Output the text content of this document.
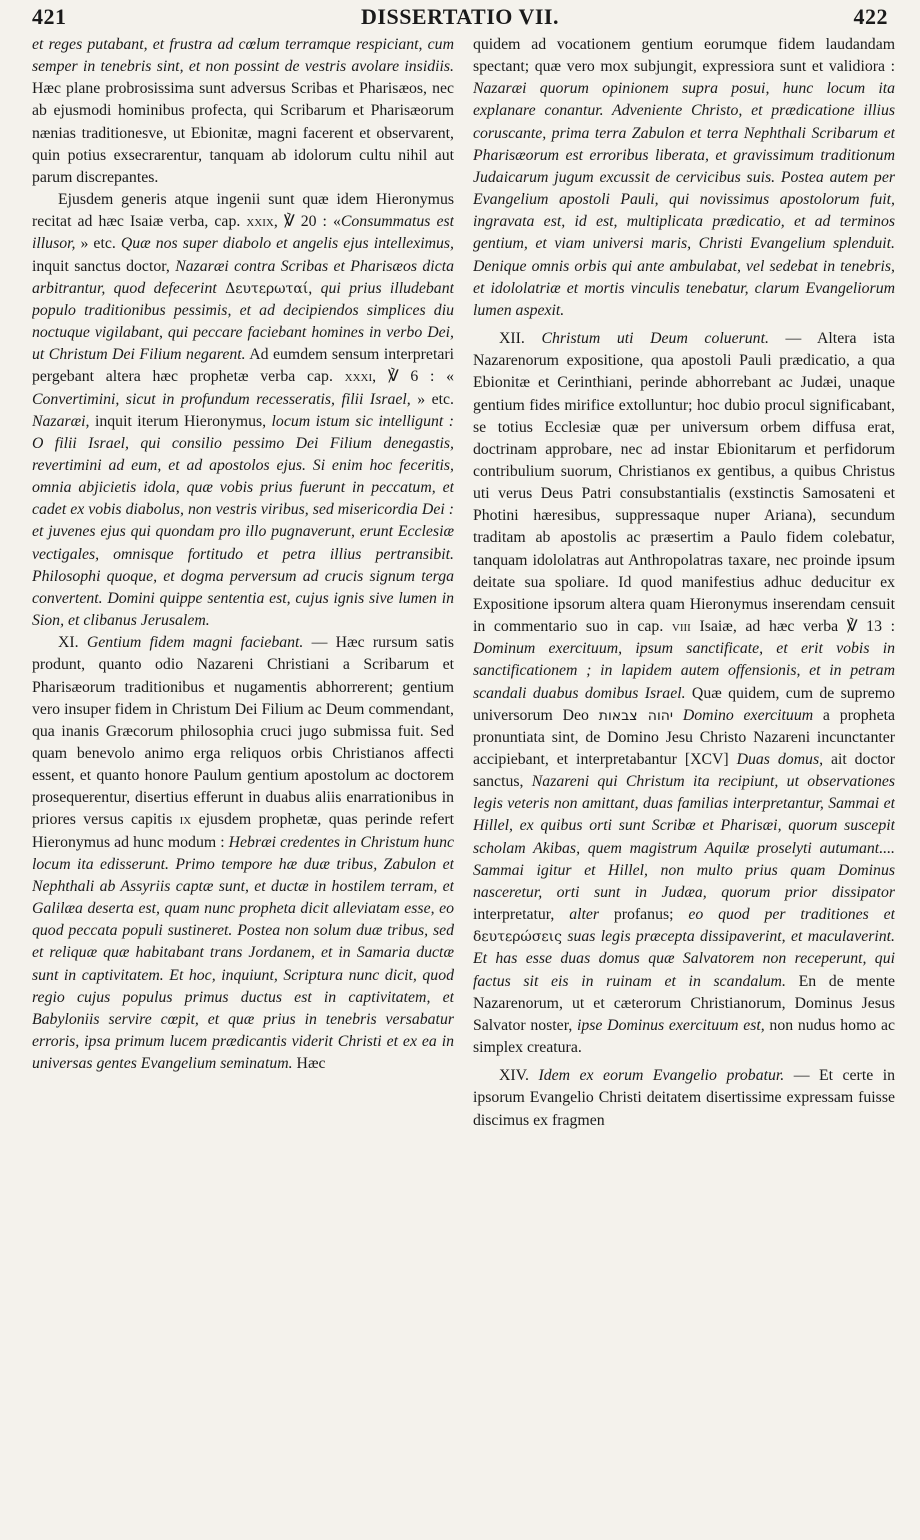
421	DISSERTATIO VII.	422

et reges putabant, et frustra ad cœlum terramque respiciant, cum semper in tenebris sint, et non possint de vestris avolare insidiis. Hæc plane probrosissima sunt adversus Scribas et Pharisæos, nec ab ejusmodi hominibus profecta, qui Scribarum et Pharisæorum nænias traditionesve, ut Ebionitæ, magni facerent et observarent, quin potius exsecrarentur, tanquam ab idolorum cultu nihil aut parum discrepantes.

Ejusdem generis atque ingenii sunt quæ idem Hieronymus recitat ad hæc Isaiæ verba, cap. xxix, ℣ 20 : «Consummatus est illusor, » etc. Quæ nos super diabolo et angelis ejus intelleximus, inquit sanctus doctor, Nazaræi contra Scribas et Pharisæos dicta arbitrantur, quod defecerint Δευτερωταί, qui prius illudebant populo traditionibus pessimis, et ad decipiendos simplices diu noctuque vigilabant, qui peccare faciebant homines in verbo Dei, ut Christum Dei Filium negarent. Ad eumdem sensum interpretari pergebant altera hæc prophetæ verba cap. xxxi, ℣ 6 : « Convertimini, sicut in profundum recesseratis, filii Israel, » etc. Nazaræi, inquit iterum Hieronymus, locum istum sic intelligunt : O filii Israel, qui consilio pessimo Dei Filium denegastis, revertimini ad eum, et ad apostolos ejus. Si enim hoc feceritis, omnia abjicietis idola, quæ vobis prius fuerunt in peccatum, et cadet ex vobis diabolus, non vestris viribus, sed misericordia Dei : et juvenes ejus qui quondam pro illo pugnaverunt, erunt Ecclesiæ vectigales, omnisque fortitudo et petra illius pertransibit. Philosophi quoque, et dogma perversum ad crucis signum terga convertent. Domini quippe sententia est, cujus ignis sive lumen in Sion, et clibanus Jerusalem.

XI. Gentium fidem magni faciebant. — Hæc rursum satis produnt, quanto odio Nazareni Christiani a Scribarum et Pharisæorum traditionibus et nugamentis abhorrerent; gentium vero insuper fidem in Christum Dei Filium ac Deum commendant, qua inanis Græcorum philosophia cruci jugo submissa fuit. Sed quam benevolo animo erga reliquos orbis Christianos affecti essent, et quanto honore Paulum gentium apostolum ac doctorem prosequerentur, disertius efferunt in duabus aliis enarrationibus in priores versus capitis ix ejusdem prophetæ, quas perinde refert Hieronymus ad hunc modum : Hebræi credentes in Christum hunc locum ita edisserunt. Primo tempore hæ duæ tribus, Zabulon et Nephthali ab Assyriis captæ sunt, et ductæ in hostilem terram, et Galilæa deserta est, quam nunc propheta dicit alleviatam esse, eo quod peccata populi sustineret. Postea non solum duæ tribus, sed et reliquæ quæ habitabant trans Jordanem, et in Samaria ductæ sunt in captivitatem. Et hoc, inquiunt, Scriptura nunc dicit, quod regio cujus populus primus ductus est in captivitatem, et Babyloniis servire cœpit, et quæ prius in tenebris versabatur erroris, ipsa primum lucem prædicantis viderit Christi et ex ea in universas gentes Evangelium seminatum. Hæc

quidem ad vocationem gentium eorumque fidem laudandam spectant; quæ vero mox subjungit, expressiora sunt et validiora : Nazaræi quorum opinionem supra posui, hunc locum ita explanare conantur. Adveniente Christo, et prædicatione illius coruscante, prima terra Zabulon et terra Nephthali Scribarum et Pharisæorum est erroribus liberata, et gravissimum traditionum Judaicarum jugum excussit de cervicibus suis. Postea autem per Evangelium apostoli Pauli, qui novissimus apostolorum fuit, ingravata est, id est, multiplicata prædicatio, et ad terminos gentium, et viam universi maris, Christi Evangelium splenduit. Denique omnis orbis qui ante ambulabat, vel sedebat in tenebris, et idololatriæ et mortis vinculis tenebatur, clarum Evangeliorum lumen aspexit.

XII. Christum uti Deum coluerunt. — Altera ista Nazarenorum expositione, qua apostoli Pauli prædicatio, a qua Ebionitæ et Cerinthiani, perinde abhorrebant ac Judæi, unaque gentium fides mirifice extolluntur; hoc dubio procul significabant, se totius Ecclesiæ quæ per universum orbem diffusa erat, doctrinam approbare, nec ad instar Ebionitarum et perfidorum contribulium suorum, Christianos ex gentibus, a quibus Christus uti verus Deus Patri consubstantialis (exstinctis Samosateni et Photini hæresibus, suppressaque nuper Ariana), secundum traditam ab apostolis ac præsertim a Paulo fidem colebatur, tanquam idololatras aut Anthropolatras taxare, nec proinde ipsum deitate sua spoliare. Id quod manifestius adhuc deducitur ex Expositione ipsorum altera quam Hieronymus inserendam censuit in commentario suo in cap. viii Isaiæ, ad hæc verba ℣ 13 : Dominum exercituum, ipsum sanctificate, et erit vobis in sanctificationem ; in lapidem autem offensionis, et in petram scandali duabus domibus Israel. Quæ quidem, cum de supremo universorum Deo יהוה צבאות Domino exercituum a propheta pronuntiata sint, de Domino Jesu Christo Nazareni incunctanter accipiebant, et interpretabantur [XCV] Duas domus, ait doctor sanctus, Nazareni qui Christum ita recipiunt, ut observationes legis veteris non amittant, duas familias interpretantur, Sammai et Hillel, ex quibus orti sunt Scribæ et Pharisæi, quorum suscepit scholam Akibas, quem magistrum Aquilæ proselyti autumant.... Sammai igitur et Hillel, non multo prius quam Dominus nasceretur, orti sunt in Judæa, quorum prior dissipator interpretatur, alter profanus; eo quod per traditiones et δευτερώσεις suas legis præcepta dissipaverint, et maculaverint. Et has esse duas domus quæ Salvatorem non receperunt, qui factus sit eis in ruinam et in scandalum. En de mente Nazarenorum, ut et cæterorum Christianorum, Dominus Jesus Salvator noster, ipse Dominus exercituum est, non nudus homo ac simplex creatura.

XIV. Idem ex eorum Evangelio probatur. — Et certe in ipsorum Evangelio Christi deitatem disertissime expressam fuisse discimus ex fragmen
